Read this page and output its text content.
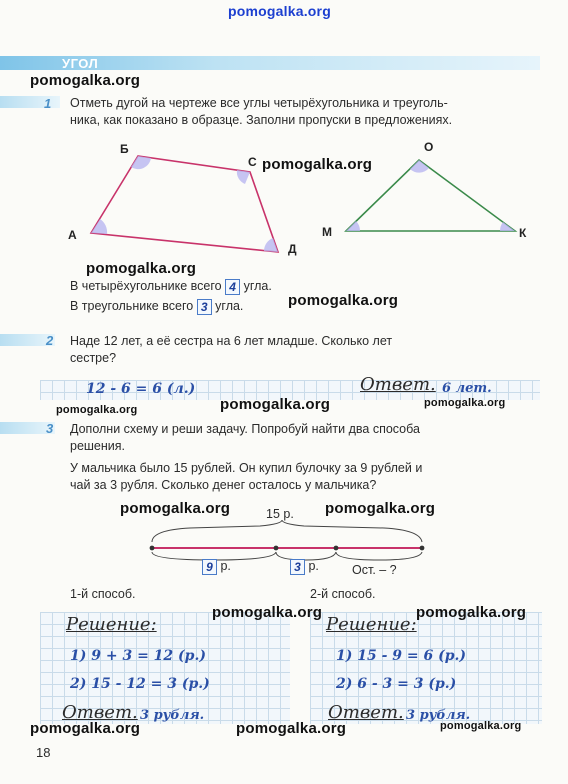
pomogalka.org
УГОЛ
pomogalka.org
1 Отметь дугой на чертеже все углы четырёхугольника и треуголь-
ника, как показано в образце. Заполни пропуски в предложениях.
А
Б
С
Д
М
О
К
pomogalka.org
pomogalka.org
В четырёхугольнике всего 4 угла.
В треугольнике всего 3 угла.	pomogalka.org
2 Наде 12 лет, а её сестра на 6 лет младше. Сколько лет
сестре?
12 - 6 = 6 (л.)	Ответ. 6 лет.
pomogalka.org	pomogalka.org	pomogalka.org
3 Дополни схему и реши задачу. Попробуй найти два способа
решения.
У мальчика было 15 рублей. Он купил булочку за 9 рублей и
чай за 3 рубля. Сколько денег осталось у мальчика?
pomogalka.org	pomogalka.org
15 р.
9 р.	3 р.	Ост. – ?
1-й способ.	2-й способ.
Решение:
1) 9 + 3 = 12 (р.)
2) 15 - 12 = 3 (р.)
Ответ. 3 рубля.
Решение:
1) 15 - 9 = 6 (р.)
2) 6 - 3 = 3 (р.)
Ответ. 3 рубля.
pomogalka.org	pomogalka.org
pomogalka.org	pomogalka.org	pomogalka.org
18
